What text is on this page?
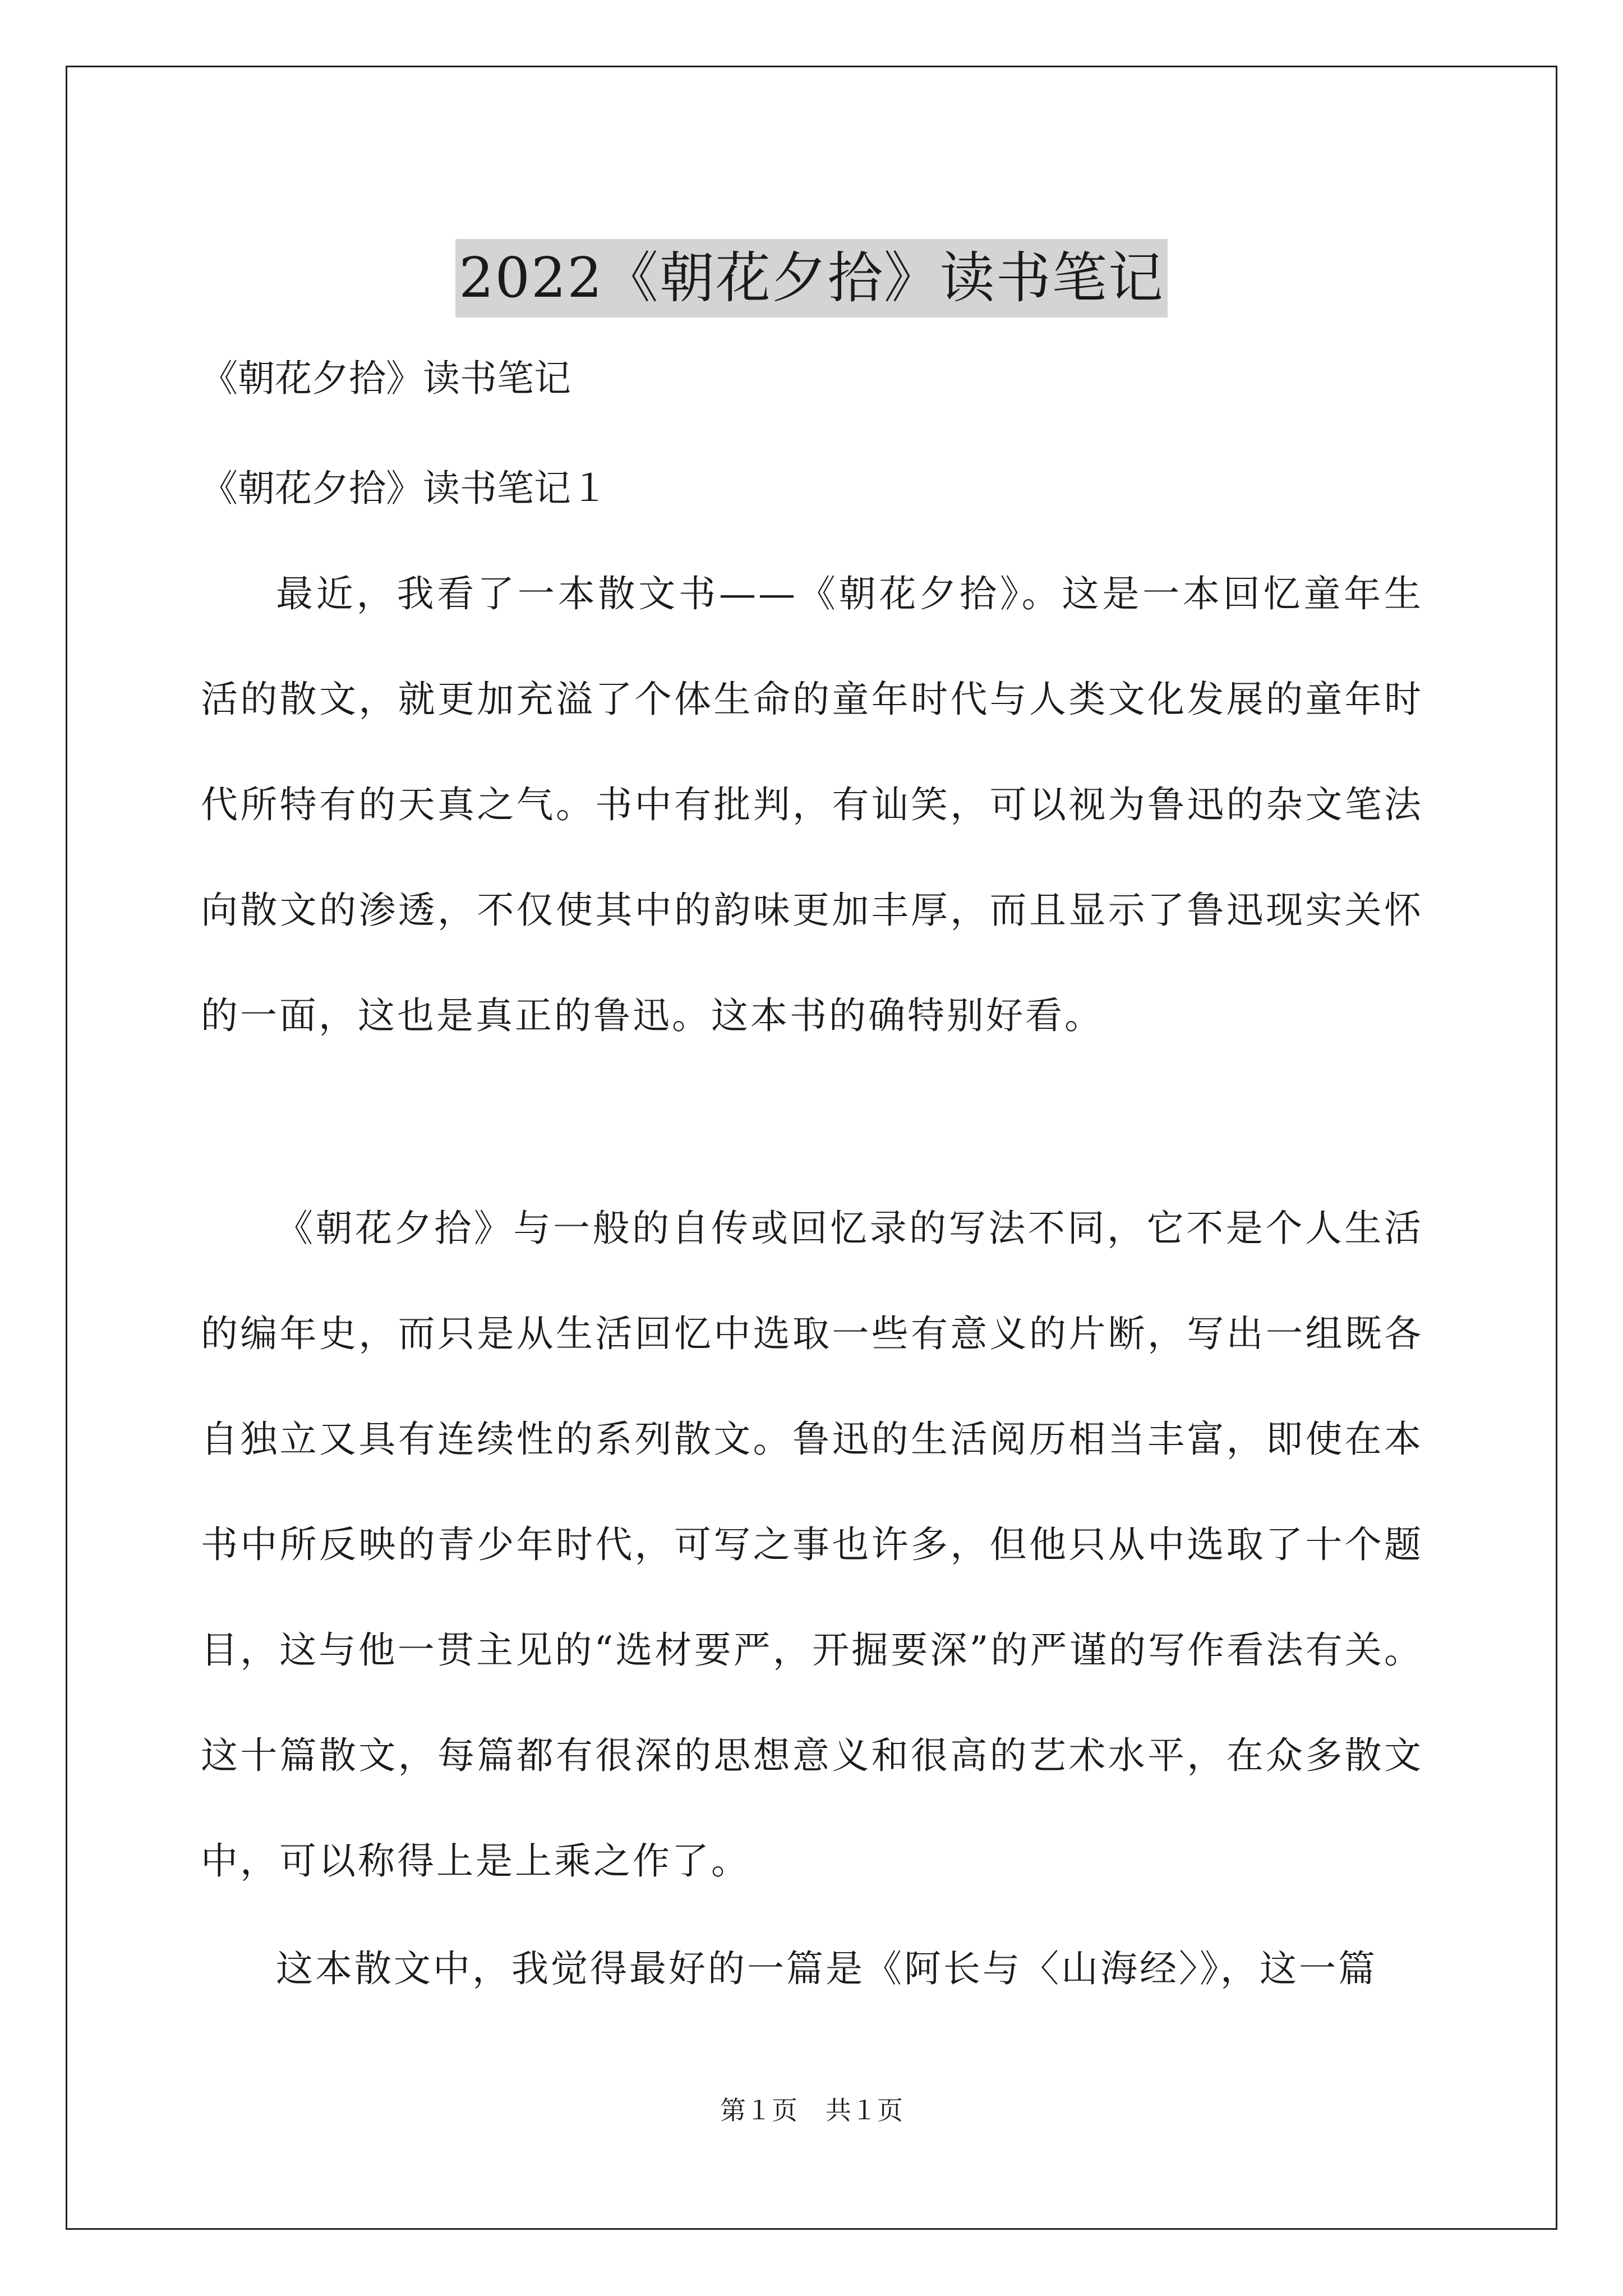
2022《朝花夕拾》读书笔记
《朝花夕拾》读书笔记
《朝花夕拾》读书笔记１

最近，我看了一本散文书——《朝花夕拾》。这是一本回忆童年生活的散文，就更加充溢了个体生命的童年时代与人类文化发展的童年时代所特有的天真之气。书中有批判，有讪笑，可以视为鲁迅的杂文笔法向散文的渗透，不仅使其中的韵味更加丰厚，而且显示了鲁迅现实关怀的一面，这也是真正的鲁迅。这本书的确特别好看。

《朝花夕拾》与一般的自传或回忆录的写法不同，它不是个人生活的编年史，而只是从生活回忆中选取一些有意义的片断，写出一组既各自独立又具有连续性的系列散文。鲁迅的生活阅历相当丰富，即使在本书中所反映的青少年时代，可写之事也许多，但他只从中选取了十个题目，这与他一贯主见的“选材要严，开掘要深”的严谨的写作看法有关。这十篇散文，每篇都有很深的思想意义和很高的艺术水平，在众多散文中，可以称得上是上乘之作了。

这本散文中，我觉得最好的一篇是《阿长与〈山海经〉》，这一篇

第１页 共１页
